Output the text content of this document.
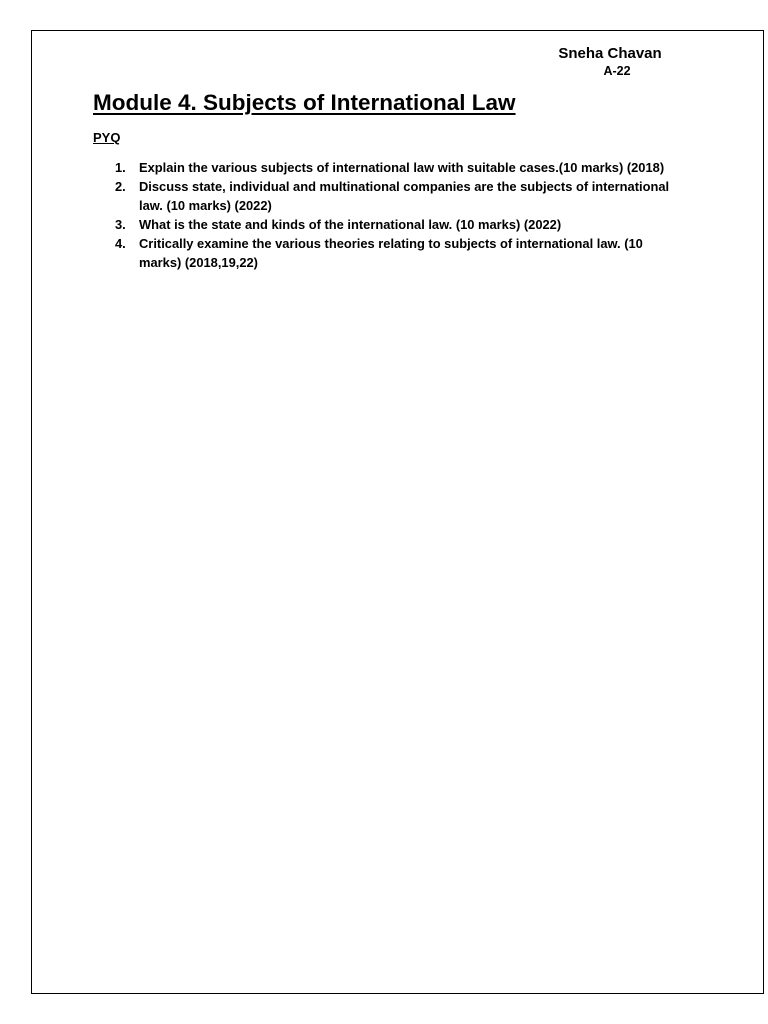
Sneha Chavan
A-22
Module 4. Subjects of International Law
PYQ
1. Explain the various subjects of international law with suitable cases.(10 marks) (2018)
2. Discuss state, individual and multinational companies are the subjects of international law. (10 marks) (2022)
3. What is the state and kinds of the international law. (10 marks) (2022)
4. Critically examine the various theories relating to subjects of international law. (10 marks) (2018,19,22)
